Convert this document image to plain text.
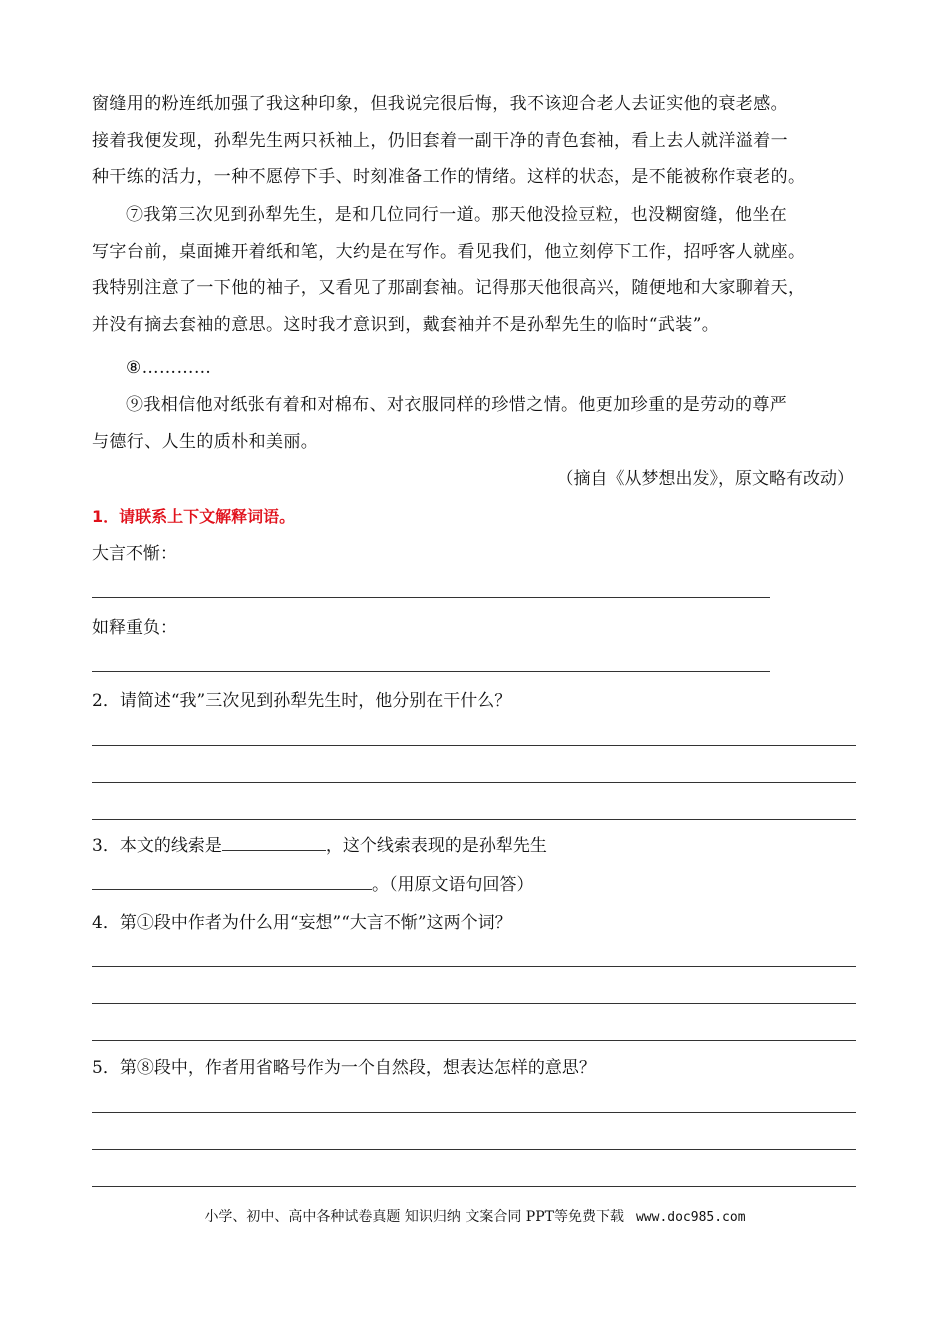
窗缝用的粉连纸加强了我这种印象，但我说完很后悔，我不该迎合老人去证实他的衰老感。
接着我便发现，孙犁先生两只袄袖上，仍旧套着一副干净的青色套袖，看上去人就洋溢着一
种干练的活力，一种不愿停下手、时刻准备工作的情绪。这样的状态，是不能被称作衰老的。
⑦我第三次见到孙犁先生，是和几位同行一道。那天他没捡豆粒，也没糊窗缝，他坐在
写字台前，桌面摊开着纸和笔，大约是在写作。看见我们，他立刻停下工作，招呼客人就座。
我特别注意了一下他的袖子，又看见了那副套袖。记得那天他很高兴，随便地和大家聊着天，
并没有摘去套袖的意思。这时我才意识到，戴套袖并不是孙犁先生的临时“武装”。
⑧…………
⑨我相信他对纸张有着和对棉布、对衣服同样的珍惜之情。他更加珍重的是劳动的尊严
与德行、人生的质朴和美丽。
（摘自《从梦想出发》，原文略有改动）
1．请联系上下文解释词语。
大言不惭：
如释重负：
2．请简述“我”三次见到孙犁先生时，他分别在干什么？
3．本文的线索是	，这个线索表现的是孙犁先生
。（用原文语句回答）
4．第①段中作者为什么用“妄想”“大言不惭”这两个词？
5．第⑧段中，作者用省略号作为一个自然段，想表达怎样的意思？
小学、初中、高中各种试卷真题 知识归纳 文案合同 PPT等免费下载 www.doc985.com
